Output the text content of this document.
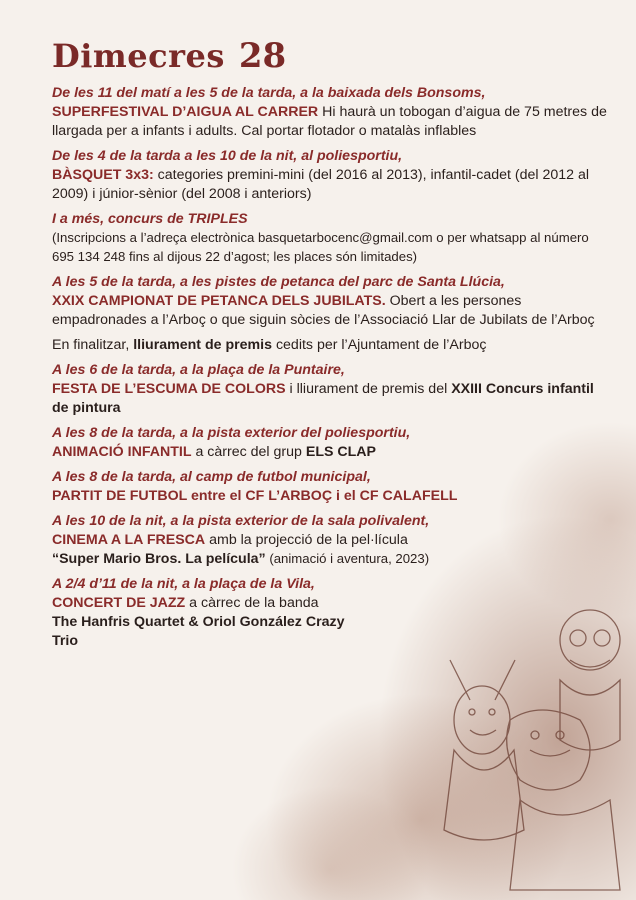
Dimecres 28
De les 11 del matí a les 5 de la tarda, a la baixada dels Bonsoms,
SUPERFESTIVAL D’AIGUA AL CARRER Hi haurà un tobogan d’aigua de 75 metres de llargada per a infants i adults. Cal portar flotador o matalàs inflables
De les 4 de la tarda a les 10 de la nit, al poliesportiu,
BÀSQUET 3x3: categories premini-mini (del 2016 al 2013), infantil-cadet (del 2012 al 2009) i júnior-sènior (del 2008 i anteriors)
I a més, concurs de TRIPLES
(Inscripcions a l’adreça electrònica basquetarbocenc@gmail.com o per whatsapp al número 695 134 248 fins al dijous 22 d’agost; les places són limitades)
A les 5 de la tarda, a les pistes de petanca del parc de Santa Llúcia,
XXIX CAMPIONAT DE PETANCA DELS JUBILATS. Obert a les persones empadronades a l’Arboç o que siguin sòcies de l’Associació Llar de Jubilats de l’Arboç
En finalitzar, lliurament de premis cedits per l’Ajuntament de l’Arboç
A les 6 de la tarda, a la plaça de la Puntaire,
FESTA DE L’ESCUMA DE COLORS i lliurament de premis del XXIII Concurs infantil de pintura
A les 8 de la tarda, a la pista exterior del poliesportiu,
ANIMACIÓ INFANTIL a càrrec del grup ELS CLAP
A les 8 de la tarda, al camp de futbol municipal,
PARTIT DE FUTBOL entre el CF L’ARBOÇ i el CF CALAFELL
A les 10 de la nit, a la pista exterior de la sala polivalent,
CINEMA A LA FRESCA amb la projecció de la pel·lícula
“Super Mario Bros. La película” (animació i aventura, 2023)
A 2/4 d’11 de la nit, a la plaça de la Vila,
CONCERT DE JAZZ a càrrec de la banda
The Hanfris Quartet & Oriol González Crazy Trio
